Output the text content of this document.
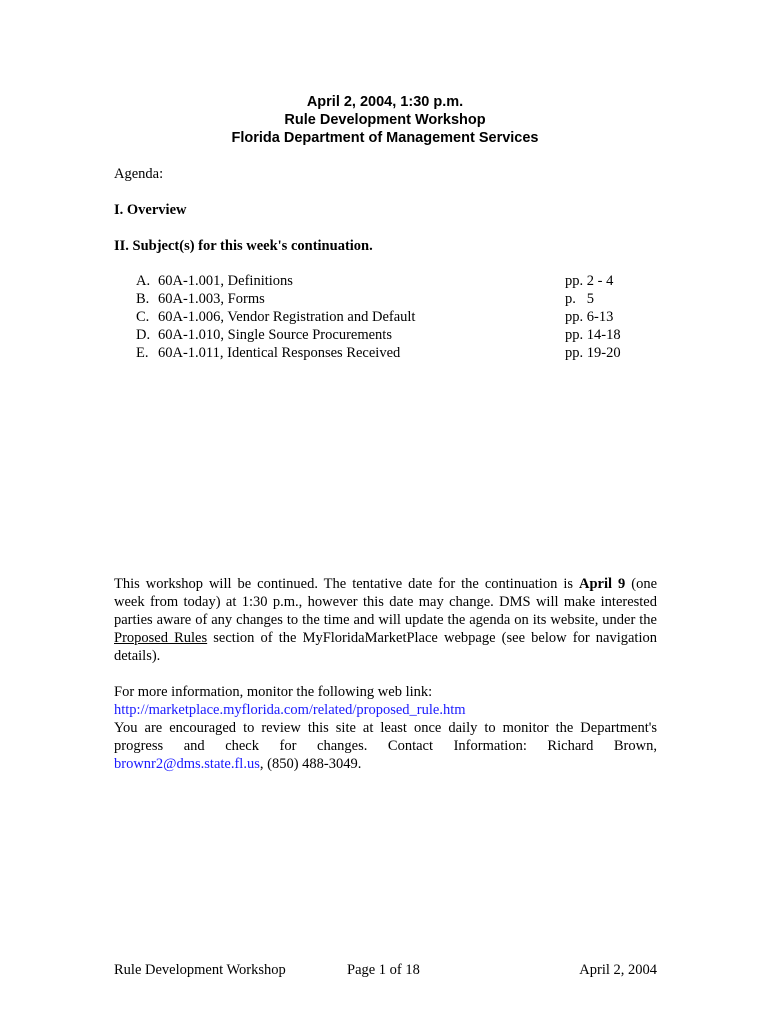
April 2, 2004, 1:30 p.m.
Rule Development Workshop
Florida Department of Management Services
Agenda:
I. Overview
II. Subject(s) for this week's continuation.
A. 60A-1.001, Definitions	pp. 2 - 4
B. 60A-1.003, Forms	p.   5
C. 60A-1.006, Vendor Registration and Default	pp. 6-13
D. 60A-1.010, Single Source Procurements	pp. 14-18
E. 60A-1.011, Identical Responses Received	pp. 19-20
This workshop will be continued. The tentative date for the continuation is April 9 (one week from today) at 1:30 p.m., however this date may change. DMS will make interested parties aware of any changes to the time and will update the agenda on its website, under the Proposed Rules section of the MyFloridaMarketPlace webpage (see below for navigation details).
For more information, monitor the following web link:
http://marketplace.myflorida.com/related/proposed_rule.htm
You are encouraged to review this site at least once daily to monitor the Department's progress and check for changes. Contact Information: Richard Brown,
brownr2@dms.state.fl.us, (850) 488-3049.
Rule Development Workshop	Page 1 of 18	April 2, 2004
